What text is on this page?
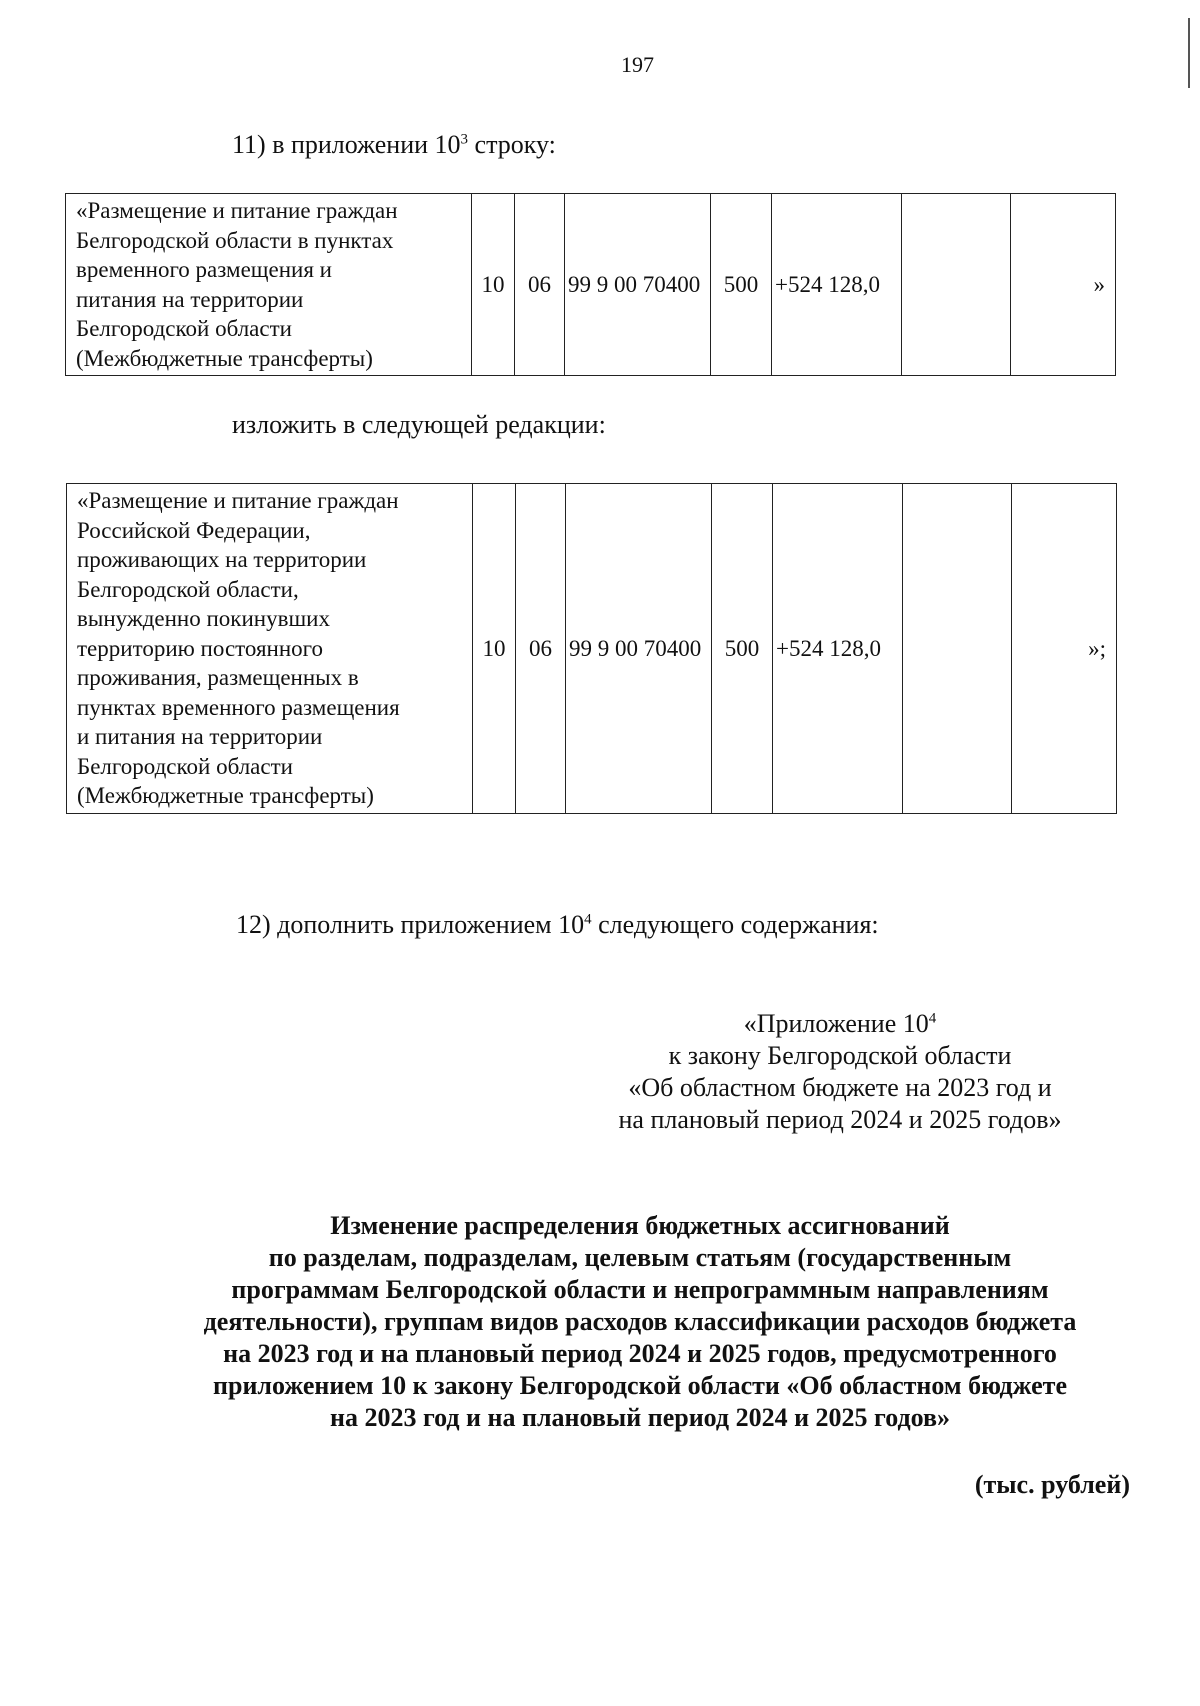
197
11) в приложении $10^3$ строку:
«Размещение и питание граждан
Белгородской области в пунктах
временного размещения и
питания на территории
Белгородской области
(Межбюджетные трансферты)
	10	06	99 9 00 70400	500	+524 128,0		»
изложить в следующей редакции:
«Размещение и питание граждан
Российской Федерации,
проживающих на территории
Белгородской области,
вынужденно покинувших
территорию постоянного
проживания, размещенных в
пунктах временного размещения
и питания на территории
Белгородской области
(Межбюджетные трансферты)
	10	06	99 9 00 70400	500	+524 128,0		»;
12) дополнить приложением $10^4$ следующего содержания:
«Приложение $10^4$
к закону Белгородской области
«Об областном бюджете на 2023 год и
на плановый период 2024 и 2025 годов»
Изменение распределения бюджетных ассигнований
по разделам, подразделам, целевым статьям (государственным
программам Белгородской области и непрограммным направлениям
деятельности), группам видов расходов классификации расходов бюджета
на 2023 год и на плановый период 2024 и 2025 годов, предусмотренного
приложением 10 к закону Белгородской области «Об областном бюджете
на 2023 год и на плановый период 2024 и 2025 годов»
(тыс. рублей)
